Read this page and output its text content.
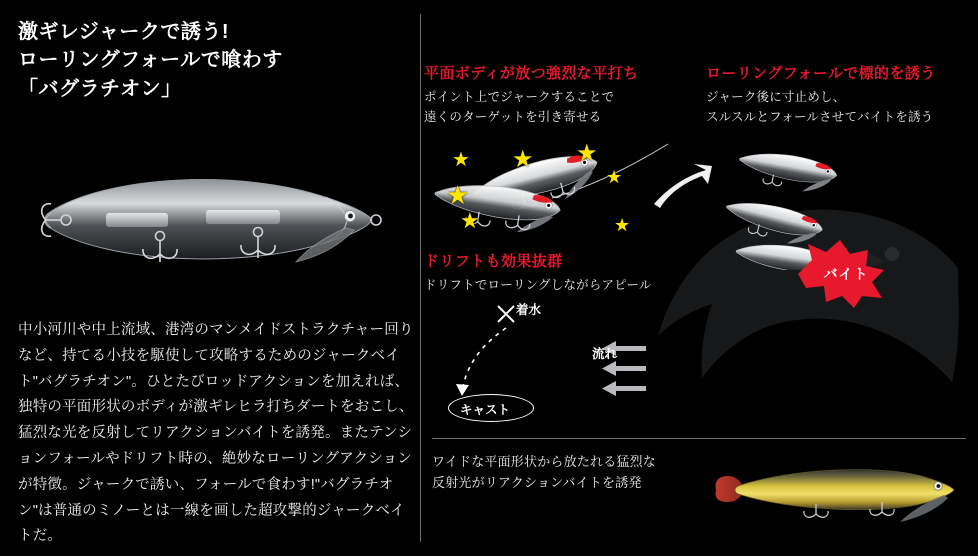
激ギレジャークで誘う!
ローリングフォールで喰わす
「バグラチオン」

中小河川や中上流域、港湾のマンメイドストラクチャー回りなど、持てる小技を駆使して攻略するためのジャークベイト"バグラチオン"。ひとたびロッドアクションを加えれば、独特の平面形状のボディが激ギレヒラ打ちダートをおこし、猛烈な光を反射してリアクションバイトを誘発。またテンションフォールやドリフト時の、絶妙なローリングアクションが特徴。ジャークで誘い、フォールで食わす!"バグラチオン"は普通のミノーとは一線を画した超攻撃的ジャークベイトだ。

平面ボディが放つ強烈な平打ち
ポイント上でジャークすることで
遠くのターゲットを引き寄せる
ローリングフォールで標的を誘う
ジャーク後に寸止めし、
スルスルとフォールさせてバイトを誘う
ドリフトも効果抜群
ドリフトでローリングしながらアピール
★
★
★
★ ★
★
★
バイト
着水
流れ
キャスト
ワイドな平面形状から放たれる猛烈な
反射光がリアクションバイトを誘発
